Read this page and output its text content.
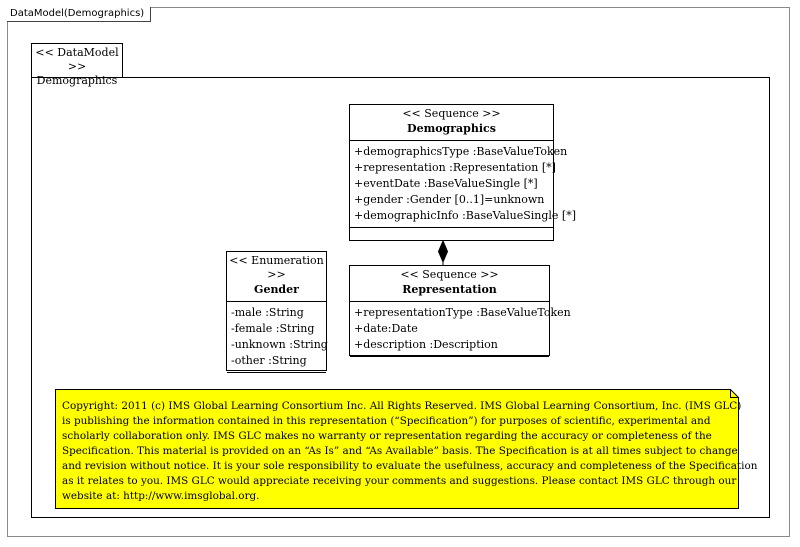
DataModel(Demographics)
<< DataModel >>
Demographics
<< Sequence >>
Demographics
+demographicsType :BaseValueToken
+representation :Representation [*]
+eventDate :BaseValueSingle [*]
+gender :Gender [0..1]=unknown
+demographicInfo :BaseValueSingle [*]
<< Enumeration >>
Gender
-male :String
-female :String
-unknown :String
-other :String
<< Sequence >>
Representation
+representationType :BaseValueToken
+date:Date
+description :Description
Copyright: 2011 (c) IMS Global Learning Consortium Inc. All Rights Reserved. IMS Global Learning Consortium, Inc. (IMS GLC)
is publishing the information contained in this representation (“Specification”) for purposes of scientific, experimental and
scholarly collaboration only. IMS GLC makes no warranty or representation regarding the accuracy or completeness of the
Specification. This material is provided on an “As Is” and “As Available” basis. The Specification is at all times subject to change
and revision without notice. It is your sole responsibility to evaluate the usefulness, accuracy and completeness of the Specification
as it relates to you. IMS GLC would appreciate receiving your comments and suggestions. Please contact IMS GLC through our
website at: http://www.imsglobal.org.
